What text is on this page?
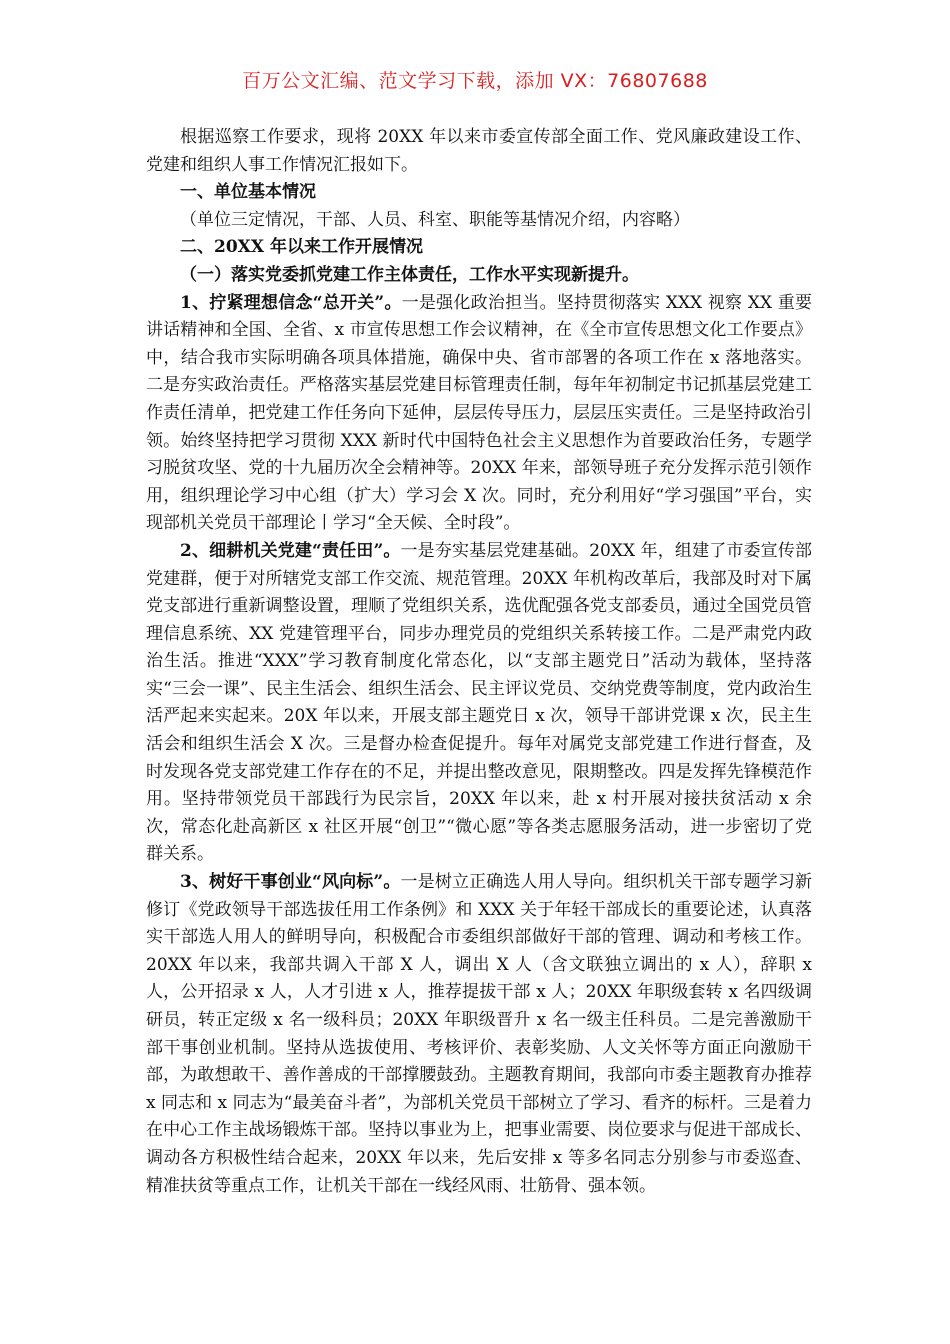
百万公文汇编、范文学习下载，添加 VX：76807688

根据巡察工作要求，现将 20XX 年以来市委宣传部全面工作、党风廉政建设工作、党建和组织人事工作情况汇报如下。

一、单位基本情况

（单位三定情况，干部、人员、科室、职能等基情况介绍，内容略）

二、20XX 年以来工作开展情况

（一）落实党委抓党建工作主体责任，工作水平实现新提升。

1、拧紧理想信念“总开关”。一是强化政治担当。坚持贯彻落实 XXX 视察 XX 重要讲话精神和全国、全省、x 市宣传思想工作会议精神，在《全市宣传思想文化工作要点》中，结合我市实际明确各项具体措施，确保中央、省市部署的各项工作在 x 落地落实。二是夯实政治责任。严格落实基层党建目标管理责任制，每年年初制定书记抓基层党建工作责任清单，把党建工作任务向下延伸，层层传导压力，层层压实责任。三是坚持政治引领。始终坚持把学习贯彻 XXX 新时代中国特色社会主义思想作为首要政治任务，专题学习脱贫攻坚、党的十九届历次全会精神等。20XX 年来，部领导班子充分发挥示范引领作用，组织理论学习中心组（扩大）学习会 X 次。同时，充分利用好“学习强国”平台，实现部机关党员干部理论丨学习“全天候、全时段”。

2、细耕机关党建“责任田”。一是夯实基层党建基础。20XX 年，组建了市委宣传部党建群，便于对所辖党支部工作交流、规范管理。20XX 年机构改革后，我部及时对下属党支部进行重新调整设置，理顺了党组织关系，选优配强各党支部委员，通过全国党员管理信息系统、XX 党建管理平台，同步办理党员的党组织关系转接工作。二是严肃党内政治生活。推进“XXX”学习教育制度化常态化，以“支部主题党日”活动为载体，坚持落实“三会一课”、民主生活会、组织生活会、民主评议党员、交纳党费等制度，党内政治生活严起来实起来。20X 年以来，开展支部主题党日 x 次，领导干部讲党课 x 次，民主生活会和组织生活会 X 次。三是督办检查促提升。每年对属党支部党建工作进行督查，及时发现各党支部党建工作存在的不足，并提出整改意见，限期整改。四是发挥先锋模范作用。坚持带领党员干部践行为民宗旨，20XX 年以来，赴 x 村开展对接扶贫活动 x 余次，常态化赴高新区 x 社区开展“创卫”“微心愿”等各类志愿服务活动，进一步密切了党群关系。

3、树好干事创业“风向标”。一是树立正确选人用人导向。组织机关干部专题学习新修订《党政领导干部选拔任用工作条例》和 XXX 关于年轻干部成长的重要论述，认真落实干部选人用人的鲜明导向，积极配合市委组织部做好干部的管理、调动和考核工作。20XX 年以来，我部共调入干部 X 人，调出 X 人（含文联独立调出的 x 人），辞职 x 人，公开招录 x 人，人才引进 x 人，推荐提拔干部 x 人；20XX 年职级套转 x 名四级调研员，转正定级 x 名一级科员；20XX 年职级晋升 x 名一级主任科员。二是完善激励干部干事创业机制。坚持从选拔使用、考核评价、表彰奖励、人文关怀等方面正向激励干部，为敢想敢干、善作善成的干部撑腰鼓劲。主题教育期间，我部向市委主题教育办推荐 x 同志和 x 同志为“最美奋斗者”，为部机关党员干部树立了学习、看齐的标杆。三是着力在中心工作主战场锻炼干部。坚持以事业为上，把事业需要、岗位要求与促进干部成长、调动各方积极性结合起来，20XX 年以来，先后安排 x 等多名同志分别参与市委巡查、精准扶贫等重点工作，让机关干部在一线经风雨、壮筋骨、强本领。
